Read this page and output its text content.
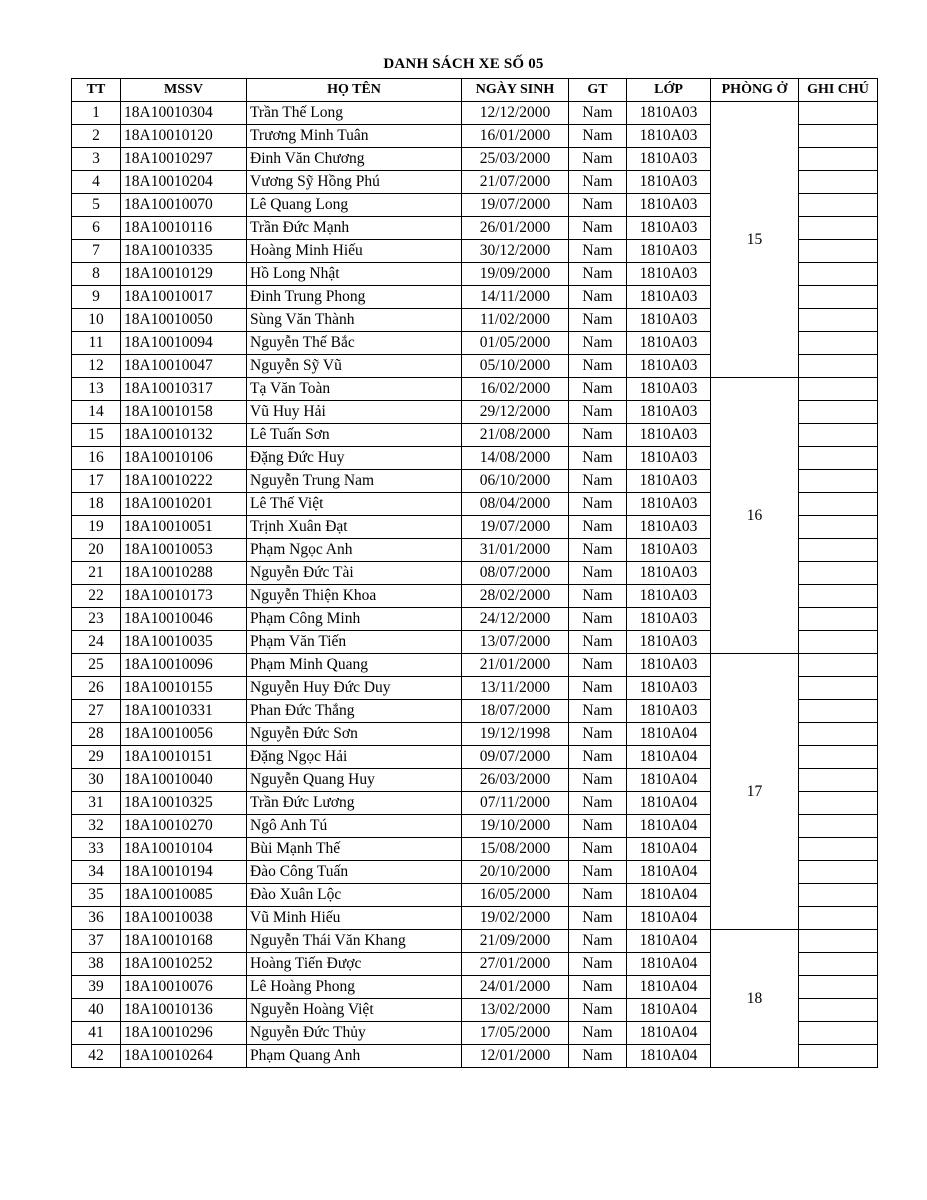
DANH SÁCH XE SỐ 05
TT	MSSV	HỌ TÊN	NGÀY SINH	GT	LỚP	PHÒNG Ở	GHI CHÚ
1	18A10010304	Trần Thế Long	12/12/2000	Nam	1810A03	15	
2	18A10010120	Trương Minh Tuân	16/01/2000	Nam	1810A03		
3	18A10010297	Đinh Văn Chương	25/03/2000	Nam	1810A03		
4	18A10010204	Vương Sỹ Hồng Phú	21/07/2000	Nam	1810A03		
5	18A10010070	Lê Quang Long	19/07/2000	Nam	1810A03		
6	18A10010116	Trần Đức Mạnh	26/01/2000	Nam	1810A03		
7	18A10010335	Hoàng Minh Hiếu	30/12/2000	Nam	1810A03		
8	18A10010129	Hồ Long Nhật	19/09/2000	Nam	1810A03		
9	18A10010017	Đinh Trung Phong	14/11/2000	Nam	1810A03		
10	18A10010050	Sùng Văn Thành	11/02/2000	Nam	1810A03		
11	18A10010094	Nguyễn Thế Bắc	01/05/2000	Nam	1810A03		
12	18A10010047	Nguyễn Sỹ Vũ	05/10/2000	Nam	1810A03		
13	18A10010317	Tạ Văn Toàn	16/02/2000	Nam	1810A03	16	
14	18A10010158	Vũ Huy Hải	29/12/2000	Nam	1810A03		
15	18A10010132	Lê Tuấn Sơn	21/08/2000	Nam	1810A03		
16	18A10010106	Đặng Đức Huy	14/08/2000	Nam	1810A03		
17	18A10010222	Nguyễn Trung Nam	06/10/2000	Nam	1810A03		
18	18A10010201	Lê Thế Việt	08/04/2000	Nam	1810A03		
19	18A10010051	Trịnh Xuân Đạt	19/07/2000	Nam	1810A03		
20	18A10010053	Phạm Ngọc Anh	31/01/2000	Nam	1810A03		
21	18A10010288	Nguyễn Đức Tài	08/07/2000	Nam	1810A03		
22	18A10010173	Nguyễn Thiện Khoa	28/02/2000	Nam	1810A03		
23	18A10010046	Phạm Công Minh	24/12/2000	Nam	1810A03		
24	18A10010035	Phạm Văn Tiến	13/07/2000	Nam	1810A03		
25	18A10010096	Phạm Minh Quang	21/01/2000	Nam	1810A03	17	
26	18A10010155	Nguyễn Huy Đức Duy	13/11/2000	Nam	1810A03		
27	18A10010331	Phan Đức Thắng	18/07/2000	Nam	1810A03		
28	18A10010056	Nguyễn Đức Sơn	19/12/1998	Nam	1810A04		
29	18A10010151	Đặng Ngọc Hải	09/07/2000	Nam	1810A04		
30	18A10010040	Nguyễn Quang Huy	26/03/2000	Nam	1810A04		
31	18A10010325	Trần Đức Lương	07/11/2000	Nam	1810A04		
32	18A10010270	Ngô Anh Tú	19/10/2000	Nam	1810A04		
33	18A10010104	Bùi Mạnh Thế	15/08/2000	Nam	1810A04		
34	18A10010194	Đào Công Tuấn	20/10/2000	Nam	1810A04		
35	18A10010085	Đào Xuân Lộc	16/05/2000	Nam	1810A04		
36	18A10010038	Vũ Minh Hiếu	19/02/2000	Nam	1810A04		
37	18A10010168	Nguyễn Thái Văn Khang	21/09/2000	Nam	1810A04	18	
38	18A10010252	Hoàng Tiến Được	27/01/2000	Nam	1810A04		
39	18A10010076	Lê Hoàng Phong	24/01/2000	Nam	1810A04		
40	18A10010136	Nguyễn Hoàng Việt	13/02/2000	Nam	1810A04		
41	18A10010296	Nguyễn Đức Thủy	17/05/2000	Nam	1810A04		
42	18A10010264	Phạm Quang Anh	12/01/2000	Nam	1810A04		
